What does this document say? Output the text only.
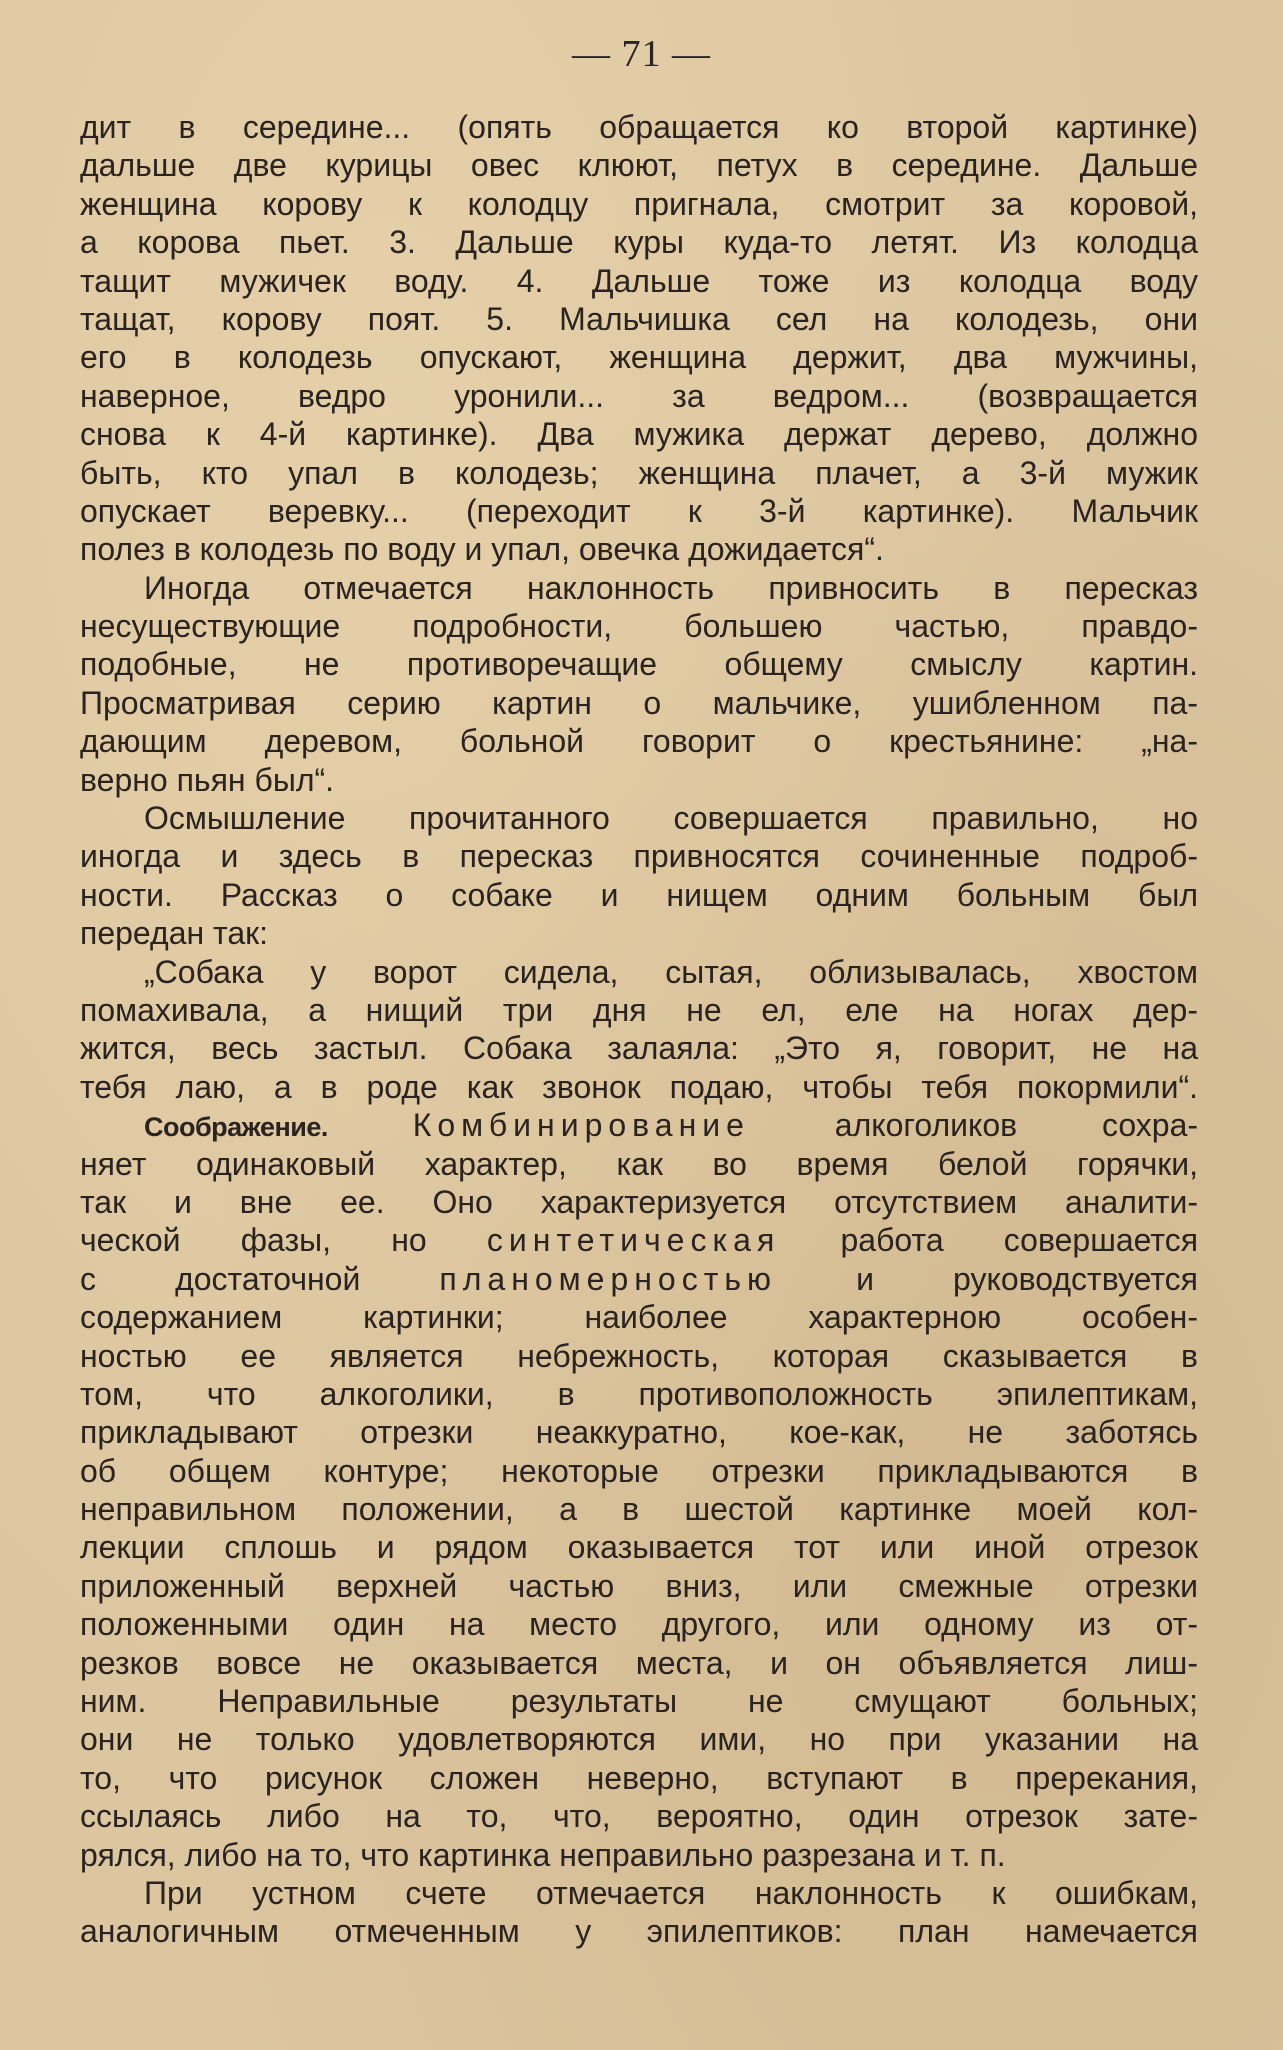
— 71 —
дит в середине... (опять обращается ко второй картинке)
дальше две курицы овес клюют, петух в середине. Дальше
женщина корову к колодцу пригнала, смотрит за коровой,
а корова пьет. 3. Дальше куры куда-то летят. Из колодца
тащит мужичек воду. 4. Дальше тоже из колодца воду
тащат, корову поят. 5. Мальчишка сел на колодезь, они
его в колодезь опускают, женщина держит, два мужчины,
наверное, ведро уронили... за ведром... (возвращается
снова к 4-й картинке). Два мужика держат дерево, должно
быть, кто упал в колодезь; женщина плачет, а 3-й мужик
опускает веревку... (переходит к 3-й картинке). Мальчик
полез в колодезь по воду и упал, овечка дожидается“.
Иногда отмечается наклонность привносить в пересказ
несуществующие подробности, большею частью, правдо-
подобные, не противоречащие общему смыслу картин.
Просматривая серию картин о мальчике, ушибленном па-
дающим деревом, больной говорит о крестьянине: „на-
верно пьян был“.
Осмышление прочитанного совершается правильно, но
иногда и здесь в пересказ привносятся сочиненные подроб-
ности. Рассказ о собаке и нищем одним больным был
передан так:
„Собака у ворот сидела, сытая, облизывалась, хвостом
помахивала, а нищий три дня не ел, еле на ногах дер-
жится, весь застыл. Собака залаяла: „Это я, говорит, не на
тебя лаю, а в роде как звонок подаю, чтобы тебя покормили“.
Соображение.	Комбинирование	алкоголиков сохра-
няет одинаковый характер, как во время белой горячки,
так и вне ее. Оно характеризуется отсутствием аналити-
ческой фазы, но синтетическая работа совершается
с достаточной планомерностью и руководствуется
содержанием картинки; наиболее характерною особен-
ностью ее является небрежность, которая сказывается в
том, что алкоголики, в противоположность эпилептикам,
прикладывают отрезки неаккуратно, кое-как, не заботясь
об общем контуре; некоторые отрезки прикладываются в
неправильном положении, а в шестой картинке моей кол-
лекции сплошь и рядом оказывается тот или иной отрезок
приложенный верхней частью вниз, или смежные отрезки
положенными один на место другого, или одному из от-
резков вовсе не оказывается места, и он объявляется лиш-
ним. Неправильные результаты не смущают больных;
они не только удовлетворяются ими, но при указании на
то, что рисунок сложен неверно, вступают в пререкания,
ссылаясь либо на то, что, вероятно, один отрезок зате-
рялся, либо на то, что картинка неправильно разрезана и т. п.
При устном счете отмечается наклонность к ошибкам,
аналогичным отмеченным у эпилептиков: план намечается
